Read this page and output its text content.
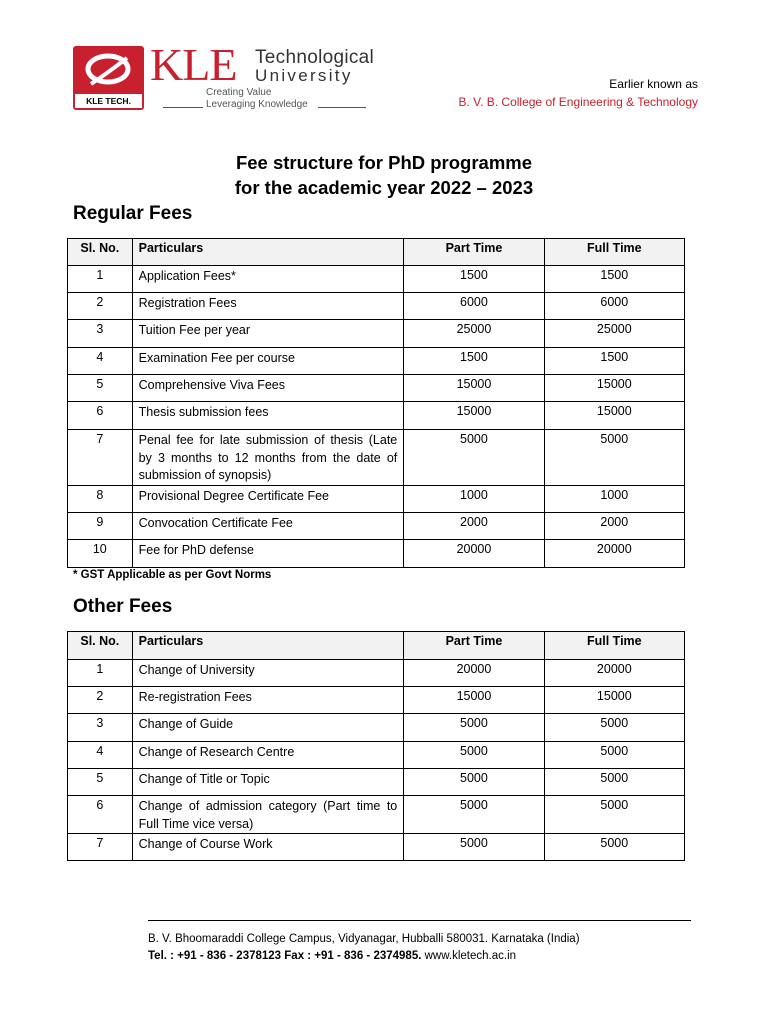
KLE TECH.
KLE Technological
University
Creating Value
Leveraging Knowledge
Earlier known as
B. V. B. College of Engineering & Technology
Fee structure for PhD programme
for the academic year 2022 – 2023
Regular Fees
Sl. No.	Particulars	Part Time	Full Time
1	Application Fees*	1500	1500
2	Registration Fees	6000	6000
3	Tuition Fee per year	25000	25000
4	Examination Fee per course	1500	1500
5	Comprehensive Viva Fees	15000	15000
6	Thesis submission fees	15000	15000
7	Penal fee for late submission of thesis (Late by 3 months to 12 months from the date of submission of synopsis)	5000	5000
8	Provisional Degree Certificate Fee	1000	1000
9	Convocation Certificate Fee	2000	2000
10	Fee for PhD defense	20000	20000
* GST Applicable as per Govt Norms
Other Fees
Sl. No.	Particulars	Part Time	Full Time
1	Change of University	20000	20000
2	Re-registration Fees	15000	15000
3	Change of Guide	5000	5000
4	Change of Research Centre	5000	5000
5	Change of Title or Topic	5000	5000
6	Change of admission category (Part time to Full Time vice versa)	5000	5000
7	Change of Course Work	5000	5000
B. V. Bhoomaraddi College Campus, Vidyanagar, Hubballi 580031. Karnataka (India)
Tel. : +91 - 836 - 2378123 Fax : +91 - 836 - 2374985. www.kletech.ac.in
